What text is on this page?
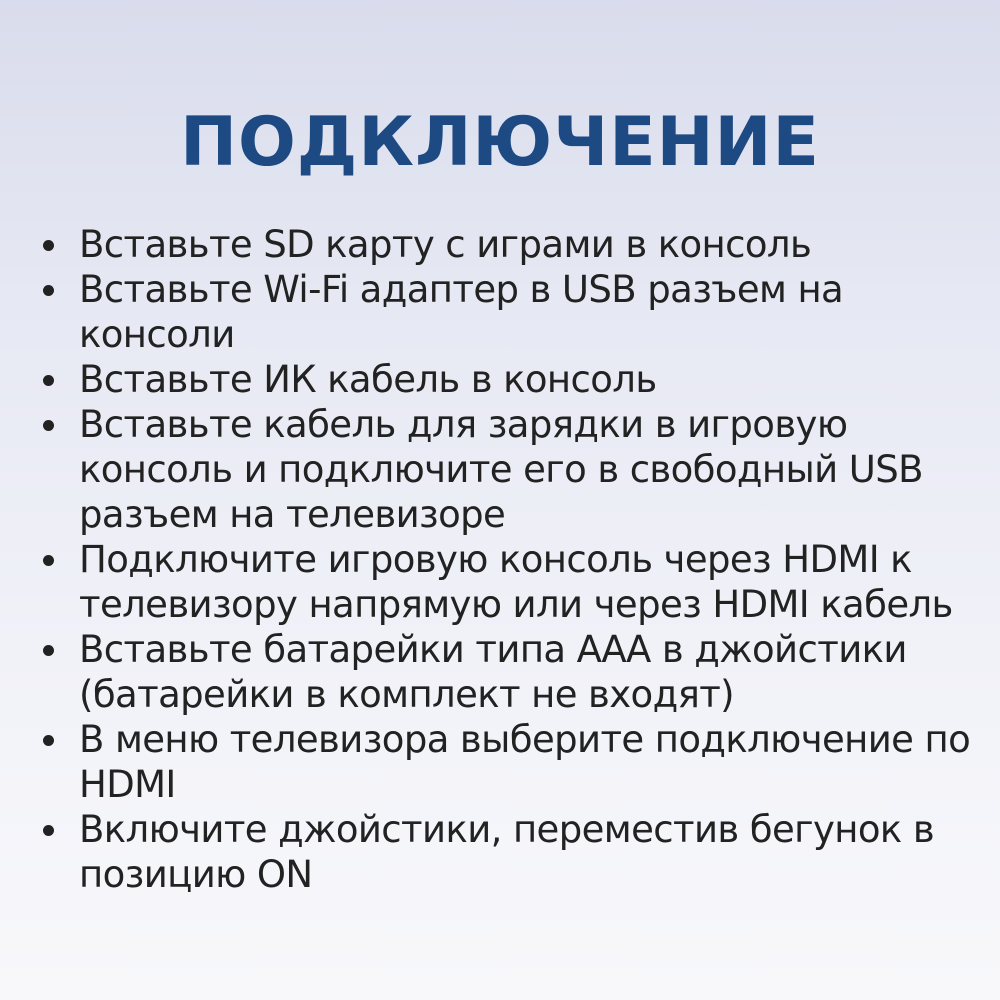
ПОДКЛЮЧЕНИЕ
Вставьте SD карту с играми в консоль
Вставьте Wi-Fi адаптер в USB разъем на консоли
Вставьте ИК кабель в консоль
Вставьте кабель для зарядки в игровую консоль и подключите его в свободный USB разъем на телевизоре
Подключите игровую консоль через HDMI к телевизору напрямую или через HDMI кабель
Вставьте батарейки типа ААА в джойстики (батарейки в комплект не входят)
В меню телевизора выберите подключение по HDMI
Включите джойстики, переместив бегунок в позицию ON
